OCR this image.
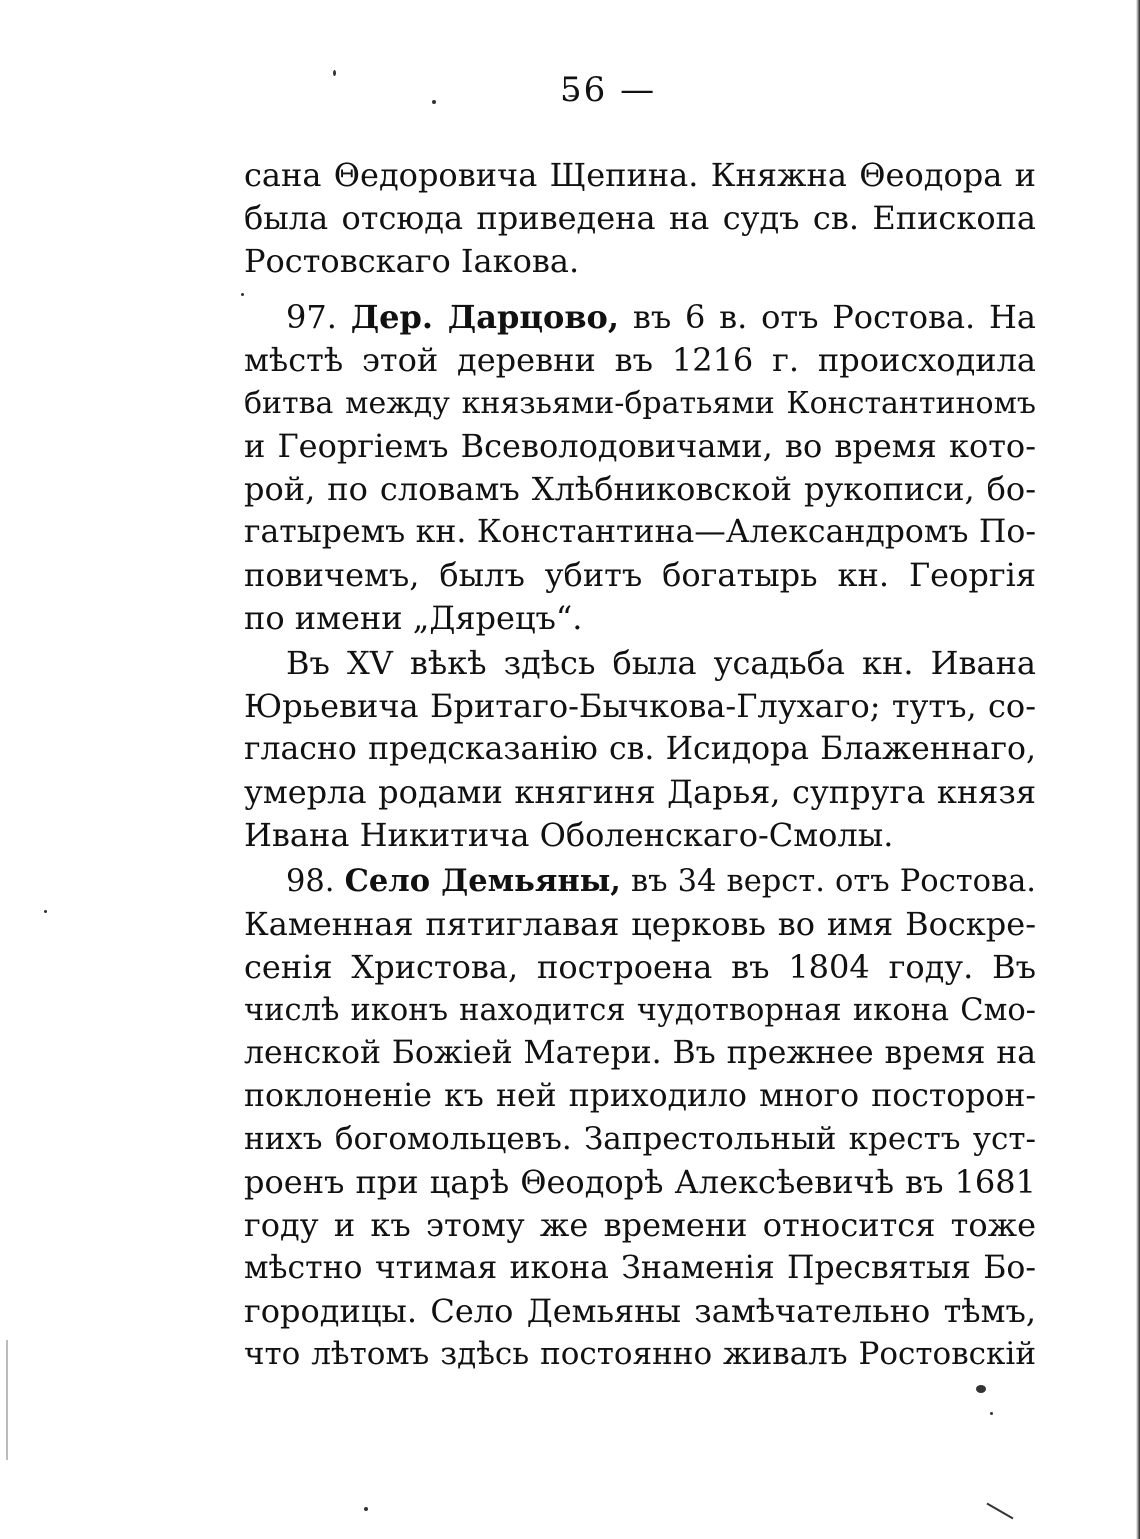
56 —
сана Θедоровича Щепина. Княжна Θеодора и
была отсюда приведена на судъ св. Епископа
Ростовскаго Іакова.
97. Дер. Дарцово, въ 6 в. отъ Ростова. На
мѣстѣ этой деревни въ 1216 г. происходила
битва между князьями-братьями Константиномъ
и Георгіемъ Всеволодовичами, во время кото-
рой, по словамъ Хлѣбниковской рукописи, бо-
гатыремъ кн. Константина—Александромъ По-
повичемъ, былъ убитъ богатырь кн. Георгія
по имени „Дярецъ“.
Въ XV вѣкѣ здѣсь была усадьба кн. Ивана
Юрьевича Бритаго-Бычкова-Глухаго; тутъ, со-
гласно предсказанію св. Исидора Блаженнаго,
умерла родами княгиня Дарья, супруга князя
Ивана Никитича Оболенскаго-Смолы.
98. Село Демьяны, въ 34 верст. отъ Ростова.
Каменная пятиглавая церковь во имя Воскре-
сенія Христова, построена въ 1804 году. Въ
числѣ иконъ находится чудотворная икона Смо-
ленской Божіей Матери. Въ прежнее время на
поклоненіе къ ней приходило много посторон-
нихъ богомольцевъ. Запрестольный крестъ уст-
роенъ при царѣ Θеодорѣ Алексѣевичѣ въ 1681
году и къ этому же времени относится тоже
мѣстно чтимая икона Знаменія Пресвятыя Бо-
городицы. Село Демьяны замѣчательно тѣмъ,
что лѣтомъ здѣсь постоянно живалъ Ростовскій
